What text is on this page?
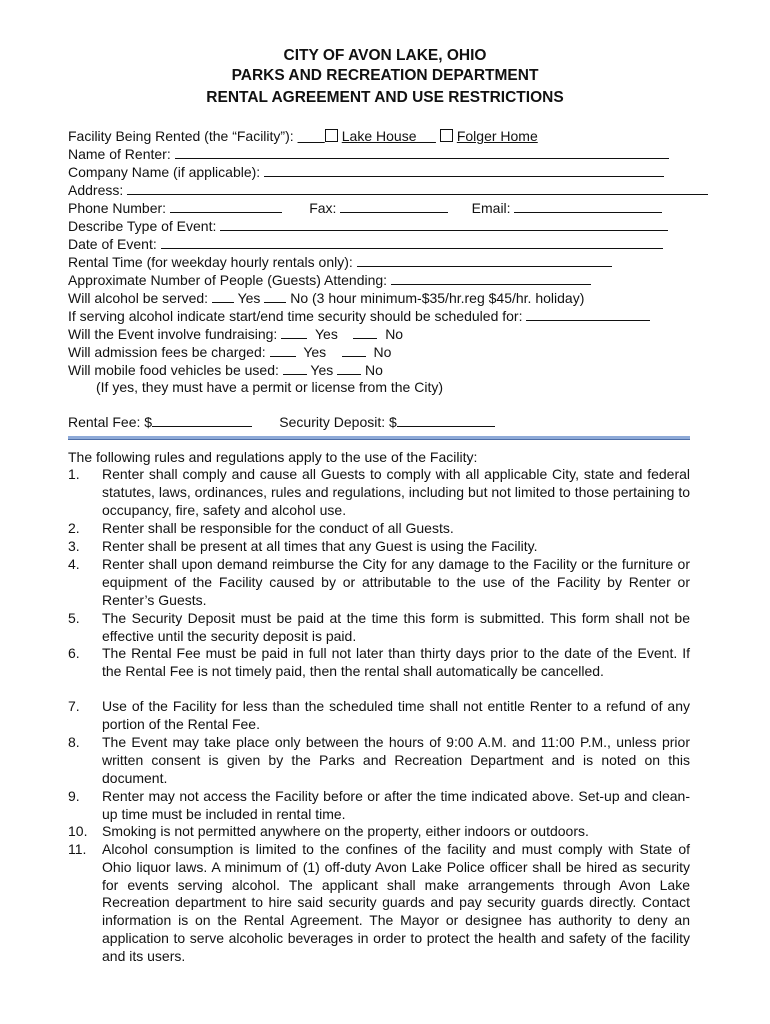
CITY OF AVON LAKE, OHIO
PARKS AND RECREATION DEPARTMENT
RENTAL AGREEMENT AND USE RESTRICTIONS
Facility Being Rented (the “Facility”):	Lake House	Folger Home
Name of Renter:
Company Name (if applicable):
Address:
Phone Number:	Fax:	Email:
Describe Type of Event:
Date of Event:
Rental Time (for weekday hourly rentals only):
Approximate Number of People (Guests) Attending:
Will alcohol be served: Yes No (3 hour minimum-$35/hr.reg $45/hr. holiday)
If serving alcohol indicate start/end time security should be scheduled for:
Will the Event involve fundraising:	Yes	No
Will admission fees be charged:	Yes	No
Will mobile food vehicles be used: Yes No
(If yes, they must have a permit or license from the City)
Rental Fee: $	Security Deposit: $
The following rules and regulations apply to the use of the Facility:
1. Renter shall comply and cause all Guests to comply with all applicable City, state and federal statutes, laws, ordinances, rules and regulations, including but not limited to those pertaining to occupancy, fire, safety and alcohol use.
2. Renter shall be responsible for the conduct of all Guests.
3. Renter shall be present at all times that any Guest is using the Facility.
4. Renter shall upon demand reimburse the City for any damage to the Facility or the furniture or equipment of the Facility caused by or attributable to the use of the Facility by Renter or Renter’s Guests.
5. The Security Deposit must be paid at the time this form is submitted. This form shall not be effective until the security deposit is paid.
6. The Rental Fee must be paid in full not later than thirty days prior to the date of the Event. If the Rental Fee is not timely paid, then the rental shall automatically be cancelled.
7. Use of the Facility for less than the scheduled time shall not entitle Renter to a refund of any portion of the Rental Fee.
8. The Event may take place only between the hours of 9:00 A.M. and 11:00 P.M., unless prior written consent is given by the Parks and Recreation Department and is noted on this document.
9. Renter may not access the Facility before or after the time indicated above. Set-up and clean-up time must be included in rental time.
10. Smoking is not permitted anywhere on the property, either indoors or outdoors.
11. Alcohol consumption is limited to the confines of the facility and must comply with State of Ohio liquor laws. A minimum of (1) off-duty Avon Lake Police officer shall be hired as security for events serving alcohol. The applicant shall make arrangements through Avon Lake Recreation department to hire said security guards and pay security guards directly. Contact information is on the Rental Agreement. The Mayor or designee has authority to deny an application to serve alcoholic beverages in order to protect the health and safety of the facility and its users.
